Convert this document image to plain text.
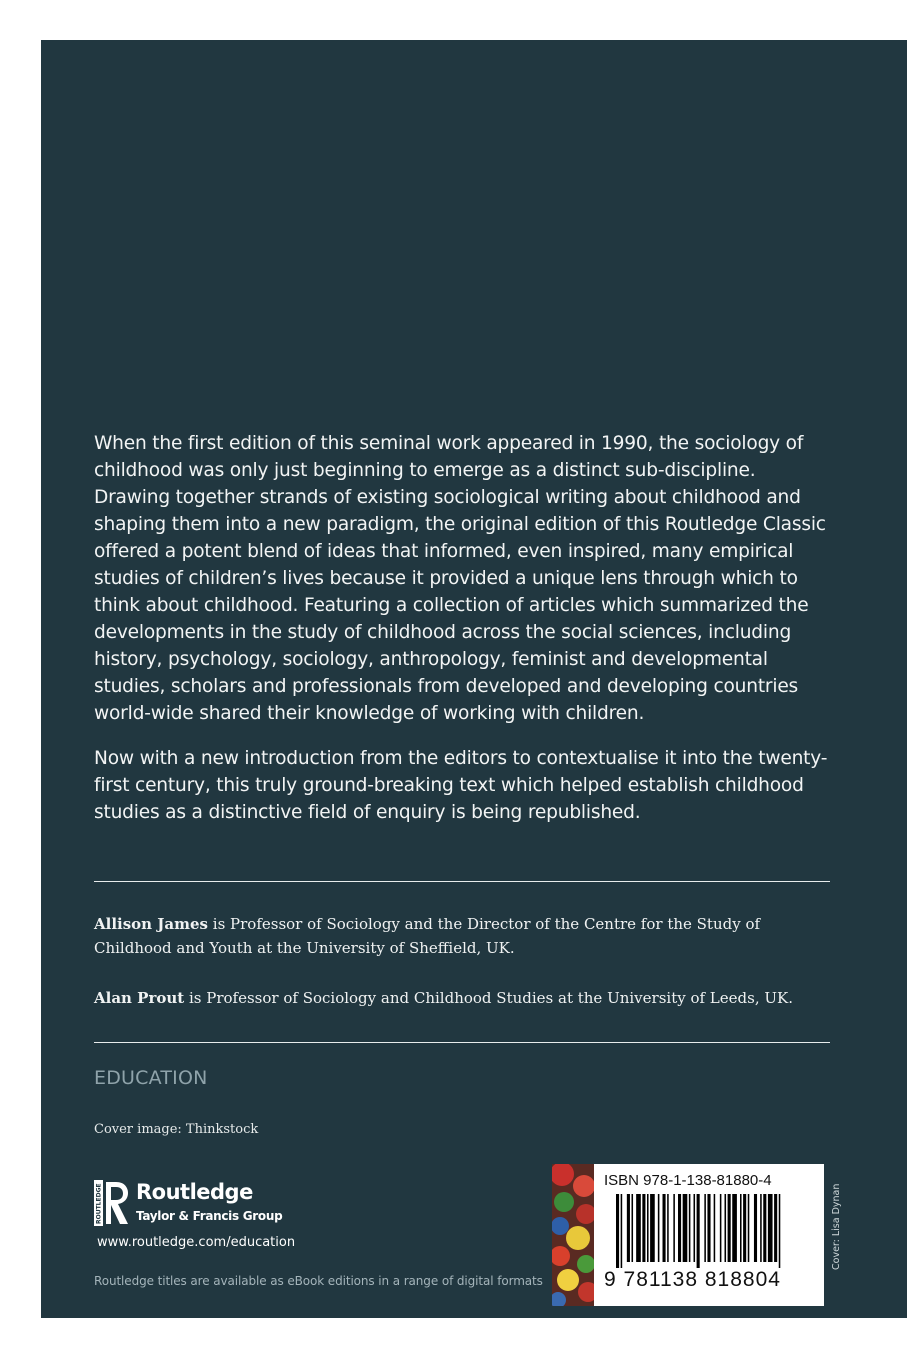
When the first edition of this seminal work appeared in 1990, the sociology of childhood was only just beginning to emerge as a distinct sub-discipline. Drawing together strands of existing sociological writing about childhood and shaping them into a new paradigm, the original edition of this Routledge Classic offered a potent blend of ideas that informed, even inspired, many empirical studies of children’s lives because it provided a unique lens through which to think about childhood. Featuring a collection of articles which summarized the developments in the study of childhood across the social sciences, including history, psychology, sociology, anthropology, feminist and developmental studies, scholars and professionals from developed and developing countries world-wide shared their knowledge of working with children.

Now with a new introduction from the editors to contextualise it into the twenty-first century, this truly ground-breaking text which helped establish childhood studies as a distinctive field of enquiry is being republished.

Allison James is Professor of Sociology and the Director of the Centre for the Study of Childhood and Youth at the University of Sheffield, UK.
Alan Prout is Professor of Sociology and Childhood Studies at the University of Leeds, UK.
EDUCATION
Cover image: Thinkstock
ROUTLEDGE Routledge
Taylor & Francis Group
www.routledge.com/education
Routledge titles are available as eBook editions in a range of digital formats
ISBN 978-1-138-81880-4
9 781138 818804
an informa business
Cover: Lisa Dynan
